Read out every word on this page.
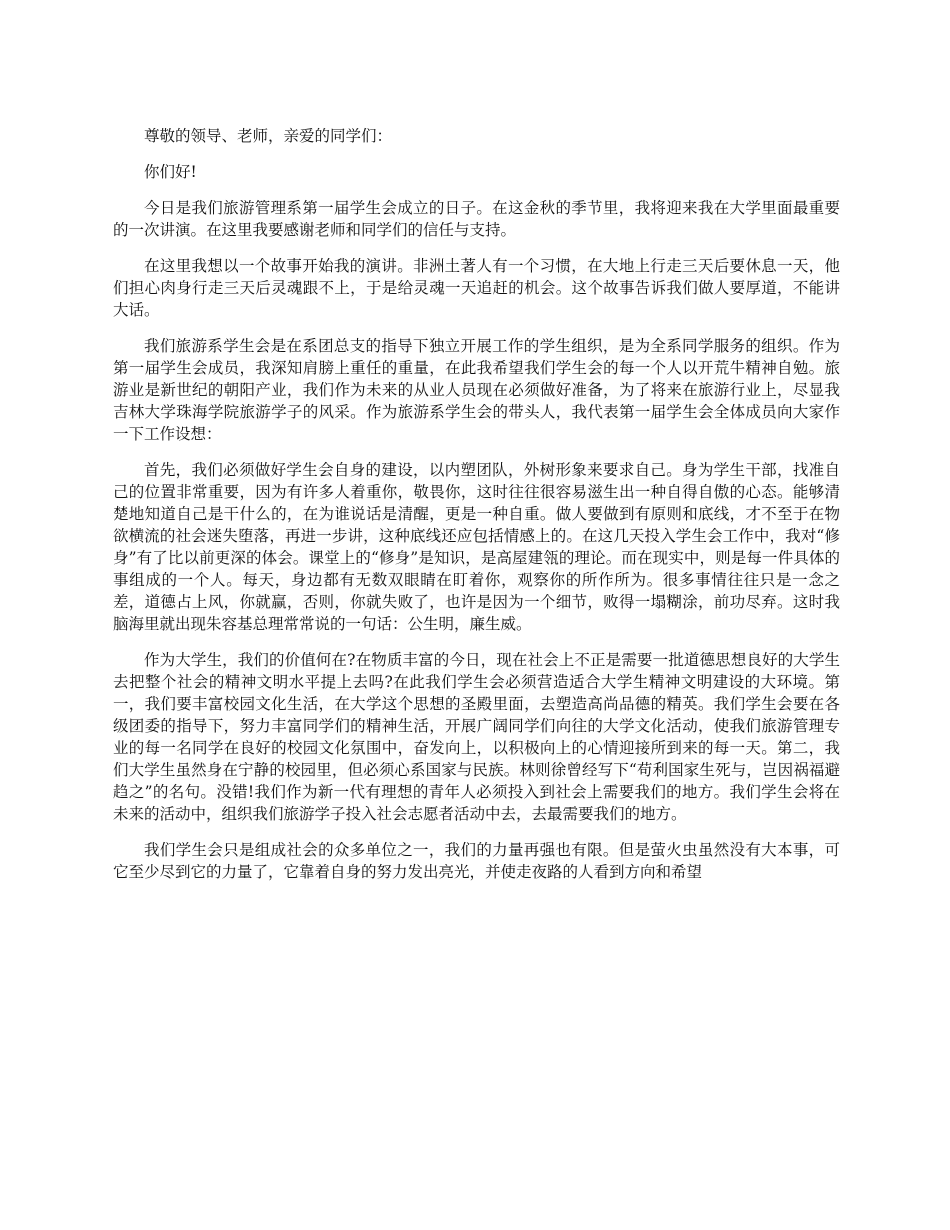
尊敬的领导、老师，亲爱的同学们：

你们好!

今日是我们旅游管理系第一届学生会成立的日子。在这金秋的季节里，我将迎来我在大学里面最重要的一次讲演。在这里我要感谢老师和同学们的信任与支持。

在这里我想以一个故事开始我的演讲。非洲土著人有一个习惯，在大地上行走三天后要休息一天，他们担心肉身行走三天后灵魂跟不上，于是给灵魂一天追赶的机会。这个故事告诉我们做人要厚道，不能讲大话。

我们旅游系学生会是在系团总支的指导下独立开展工作的学生组织，是为全系同学服务的组织。作为第一届学生会成员，我深知肩膀上重任的重量，在此我希望我们学生会的每一个人以开荒牛精神自勉。旅游业是新世纪的朝阳产业，我们作为未来的从业人员现在必须做好准备，为了将来在旅游行业上，尽显我吉林大学珠海学院旅游学子的风采。作为旅游系学生会的带头人，我代表第一届学生会全体成员向大家作一下工作设想：

首先，我们必须做好学生会自身的建设，以内塑团队，外树形象来要求自己。身为学生干部，找准自己的位置非常重要，因为有许多人着重你，敬畏你，这时往往很容易滋生出一种自得自傲的心态。能够清楚地知道自己是干什么的，在为谁说话是清醒，更是一种自重。做人要做到有原则和底线，才不至于在物欲横流的社会迷失堕落，再进一步讲，这种底线还应包括情感上的。在这几天投入学生会工作中，我对“修身”有了比以前更深的体会。课堂上的“修身”是知识，是高屋建瓴的理论。而在现实中，则是每一件具体的事组成的一个人。每天，身边都有无数双眼睛在盯着你，观察你的所作所为。很多事情往往只是一念之差，道德占上风，你就赢，否则，你就失败了，也许是因为一个细节，败得一塌糊涂，前功尽弃。这时我脑海里就出现朱容基总理常常说的一句话：公生明，廉生威。

作为大学生，我们的价值何在?在物质丰富的今日，现在社会上不正是需要一批道德思想良好的大学生去把整个社会的精神文明水平提上去吗?在此我们学生会必须营造适合大学生精神文明建设的大环境。第一，我们要丰富校园文化生活，在大学这个思想的圣殿里面，去塑造高尚品德的精英。我们学生会要在各级团委的指导下，努力丰富同学们的精神生活，开展广阔同学们向往的大学文化活动，使我们旅游管理专业的每一名同学在良好的校园文化氛围中，奋发向上，以积极向上的心情迎接所到来的每一天。第二，我们大学生虽然身在宁静的校园里，但必须心系国家与民族。林则徐曾经写下“苟利国家生死与，岂因祸福避趋之”的名句。没错!我们作为新一代有理想的青年人必须投入到社会上需要我们的地方。我们学生会将在未来的活动中，组织我们旅游学子投入社会志愿者活动中去，去最需要我们的地方。

我们学生会只是组成社会的众多单位之一，我们的力量再强也有限。但是萤火虫虽然没有大本事，可它至少尽到它的力量了，它靠着自身的努力发出亮光，并使走夜路的人看到方向和希望
